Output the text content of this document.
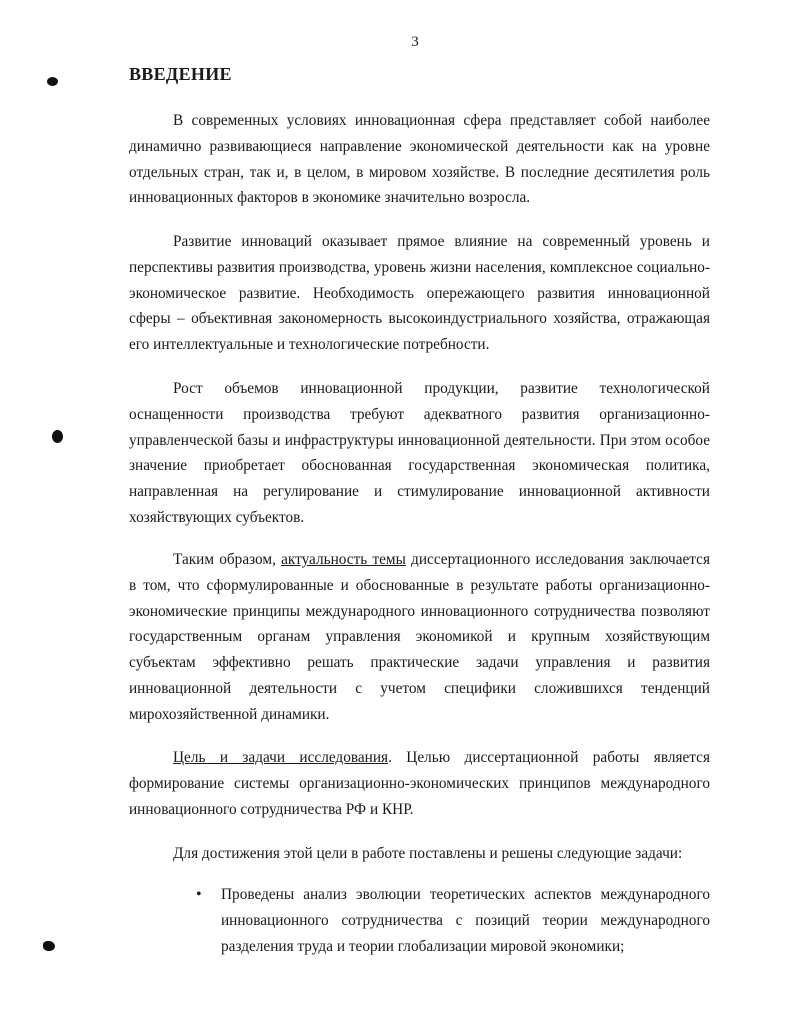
3
ВВЕДЕНИЕ

В современных условиях инновационная сфера представляет собой наиболее динамично развивающиеся направление экономической деятельности как на уровне отдельных стран, так и, в целом, в мировом хозяйстве. В последние десятилетия роль инновационных факторов в экономике значительно возросла.

Развитие инноваций оказывает прямое влияние на современный уровень и перспективы развития производства, уровень жизни населения, комплексное социально-экономическое развитие. Необходимость опережающего развития инновационной сферы – объективная закономерность высокоиндустриального хозяйства, отражающая его интеллектуальные и технологические потребности.

Рост объемов инновационной продукции, развитие технологической оснащенности производства требуют адекватного развития организационно-управленческой базы и инфраструктуры инновационной деятельности. При этом особое значение приобретает обоснованная государственная экономическая политика, направленная на регулирование и стимулирование инновационной активности хозяйствующих субъектов.

Таким образом, актуальность темы диссертационного исследования заключается в том, что сформулированные и обоснованные в результате работы организационно-экономические принципы международного инновационного сотрудничества позволяют государственным органам управления экономикой и крупным хозяйствующим субъектам эффективно решать практические задачи управления и развития инновационной деятельности с учетом специфики сложившихся тенденций мирохозяйственной динамики.

Цель и задачи исследования. Целью диссертационной работы является формирование системы организационно-экономических принципов международного инновационного сотрудничества РФ и КНР.

Для достижения этой цели в работе поставлены и решены следующие задачи:

• Проведены анализ эволюции теоретических аспектов международного инновационного сотрудничества с позиций теории международного разделения труда и теории глобализации мировой экономики;
